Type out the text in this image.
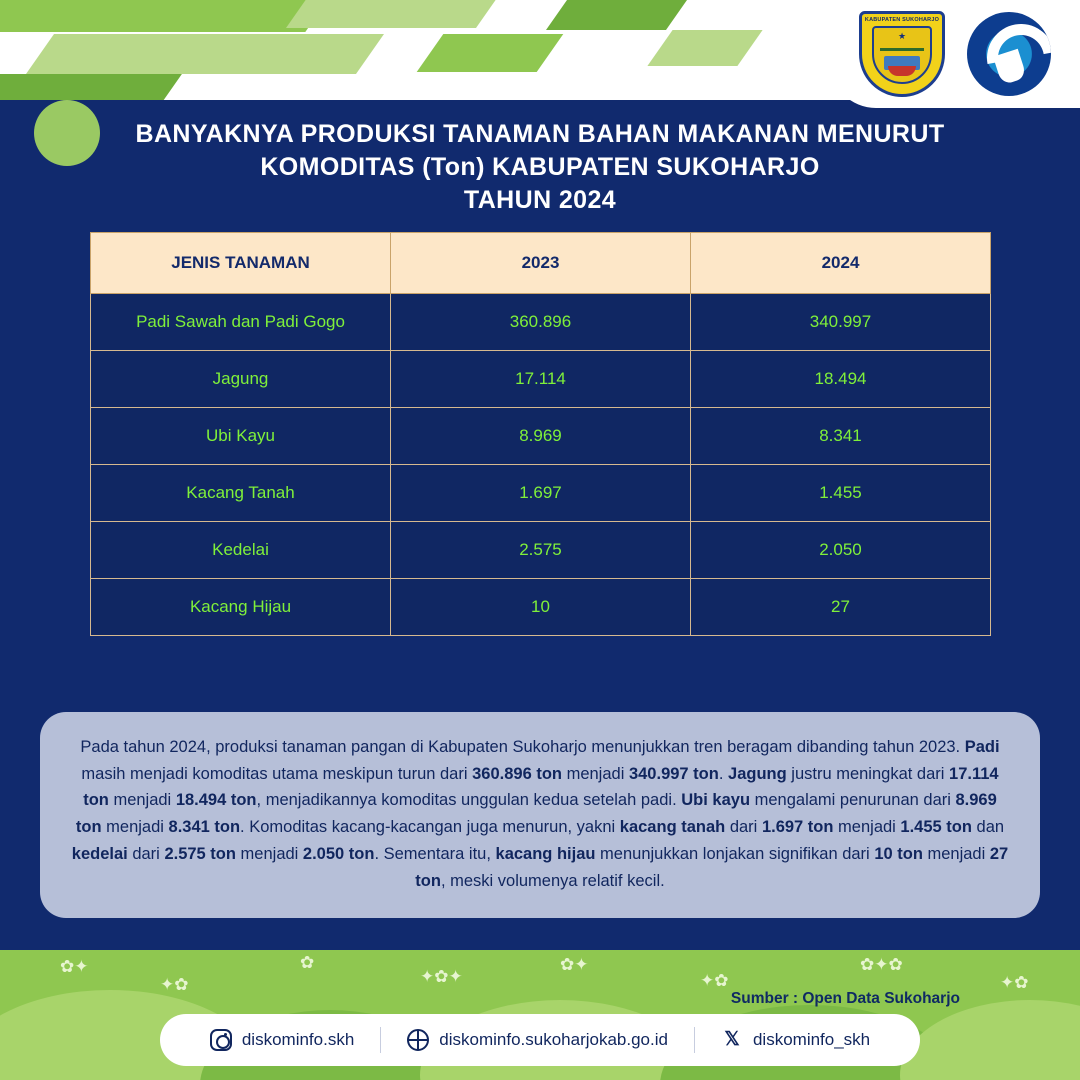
KABUPATEN SUKOHARJO
★
BANYAKNYA PRODUKSI TANAMAN BAHAN MAKANAN MENURUT
KOMODITAS (Ton) KABUPATEN SUKOHARJO
TAHUN 2024
JENIS TANAMAN	2023	2024
Padi Sawah dan Padi Gogo	360.896	340.997
Jagung	17.114	18.494
Ubi Kayu	8.969	8.341
Kacang Tanah	1.697	1.455
Kedelai	2.575	2.050
Kacang Hijau	10	27
Pada tahun 2024, produksi tanaman pangan di Kabupaten Sukoharjo menunjukkan tren beragam dibanding tahun 2023. Padi masih menjadi komoditas utama meskipun turun dari 360.896 ton menjadi 340.997 ton. Jagung justru meningkat dari 17.114 ton menjadi 18.494 ton, menjadikannya komoditas unggulan kedua setelah padi. Ubi kayu mengalami penurunan dari 8.969 ton menjadi 8.341 ton. Komoditas kacang-kacangan juga menurun, yakni kacang tanah dari 1.697 ton menjadi 1.455 ton dan kedelai dari 2.575 ton menjadi 2.050 ton. Sementara itu, kacang hijau menunjukkan lonjakan signifikan dari 10 ton menjadi 27 ton, meski volumenya relatif kecil.
✿✦
✦✿
✿
✦✿✦
✿✦
✦✿
✿✦✿
✦✿
Sumber : Open Data Sukoharjo
diskominfo.skh	diskominfo.sukoharjokab.go.id	𝕏 diskominfo_skh
